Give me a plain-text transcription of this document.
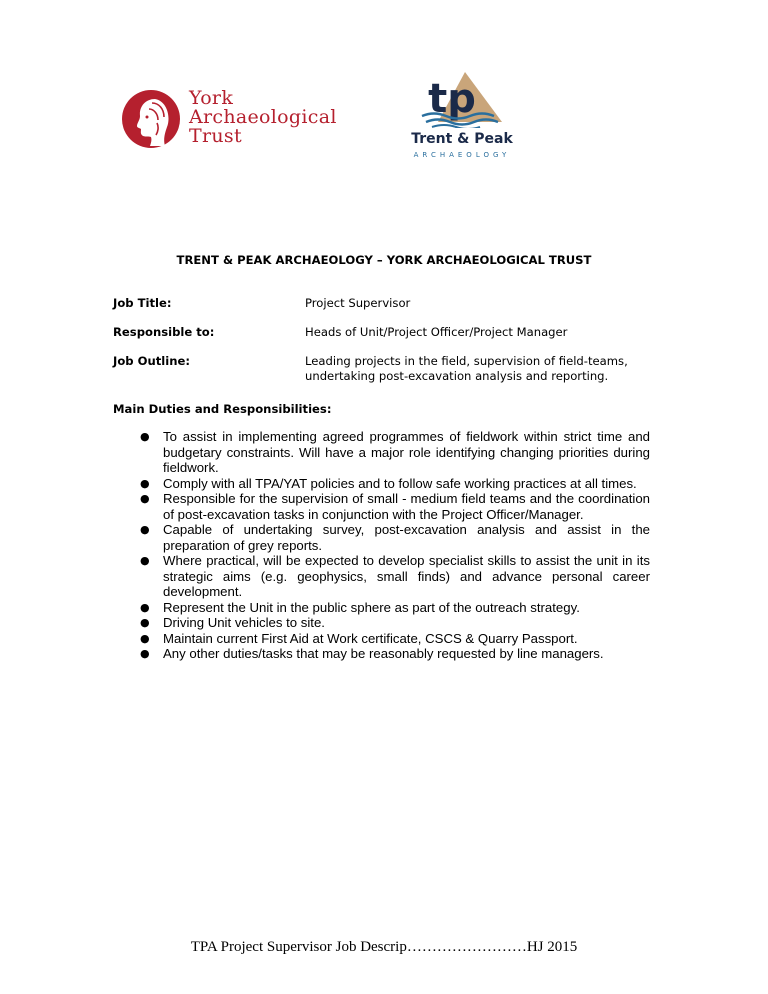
York
Archaeological
Trust
tp
Trent & Peak
ARCHAEOLOGY
TRENT & PEAK ARCHAEOLOGY – YORK ARCHAEOLOGICAL TRUST
Job Title:	Project Supervisor
Responsible to:	Heads of Unit/Project Officer/Project Manager
Job Outline:	Leading projects in the field, supervision of field-teams, undertaking post-excavation analysis and reporting.
Main Duties and Responsibilities:
● To assist in implementing agreed programmes of fieldwork within strict time and budgetary constraints. Will have a major role identifying changing priorities during fieldwork.
● Comply with all TPA/YAT policies and to follow safe working practices at all times.
● Responsible for the supervision of small - medium field teams and the coordination of post-excavation tasks in conjunction with the Project Officer/Manager.
● Capable of undertaking survey, post-excavation analysis and assist in the preparation of grey reports.
● Where practical, will be expected to develop specialist skills to assist the unit in its strategic aims (e.g. geophysics, small finds) and advance personal career development.
● Represent the Unit in the public sphere as part of the outreach strategy.
● Driving Unit vehicles to site.
● Maintain current First Aid at Work certificate, CSCS & Quarry Passport.
● Any other duties/tasks that may be reasonably requested by line managers.
TPA Project Supervisor Job Descrip……………………HJ 2015
